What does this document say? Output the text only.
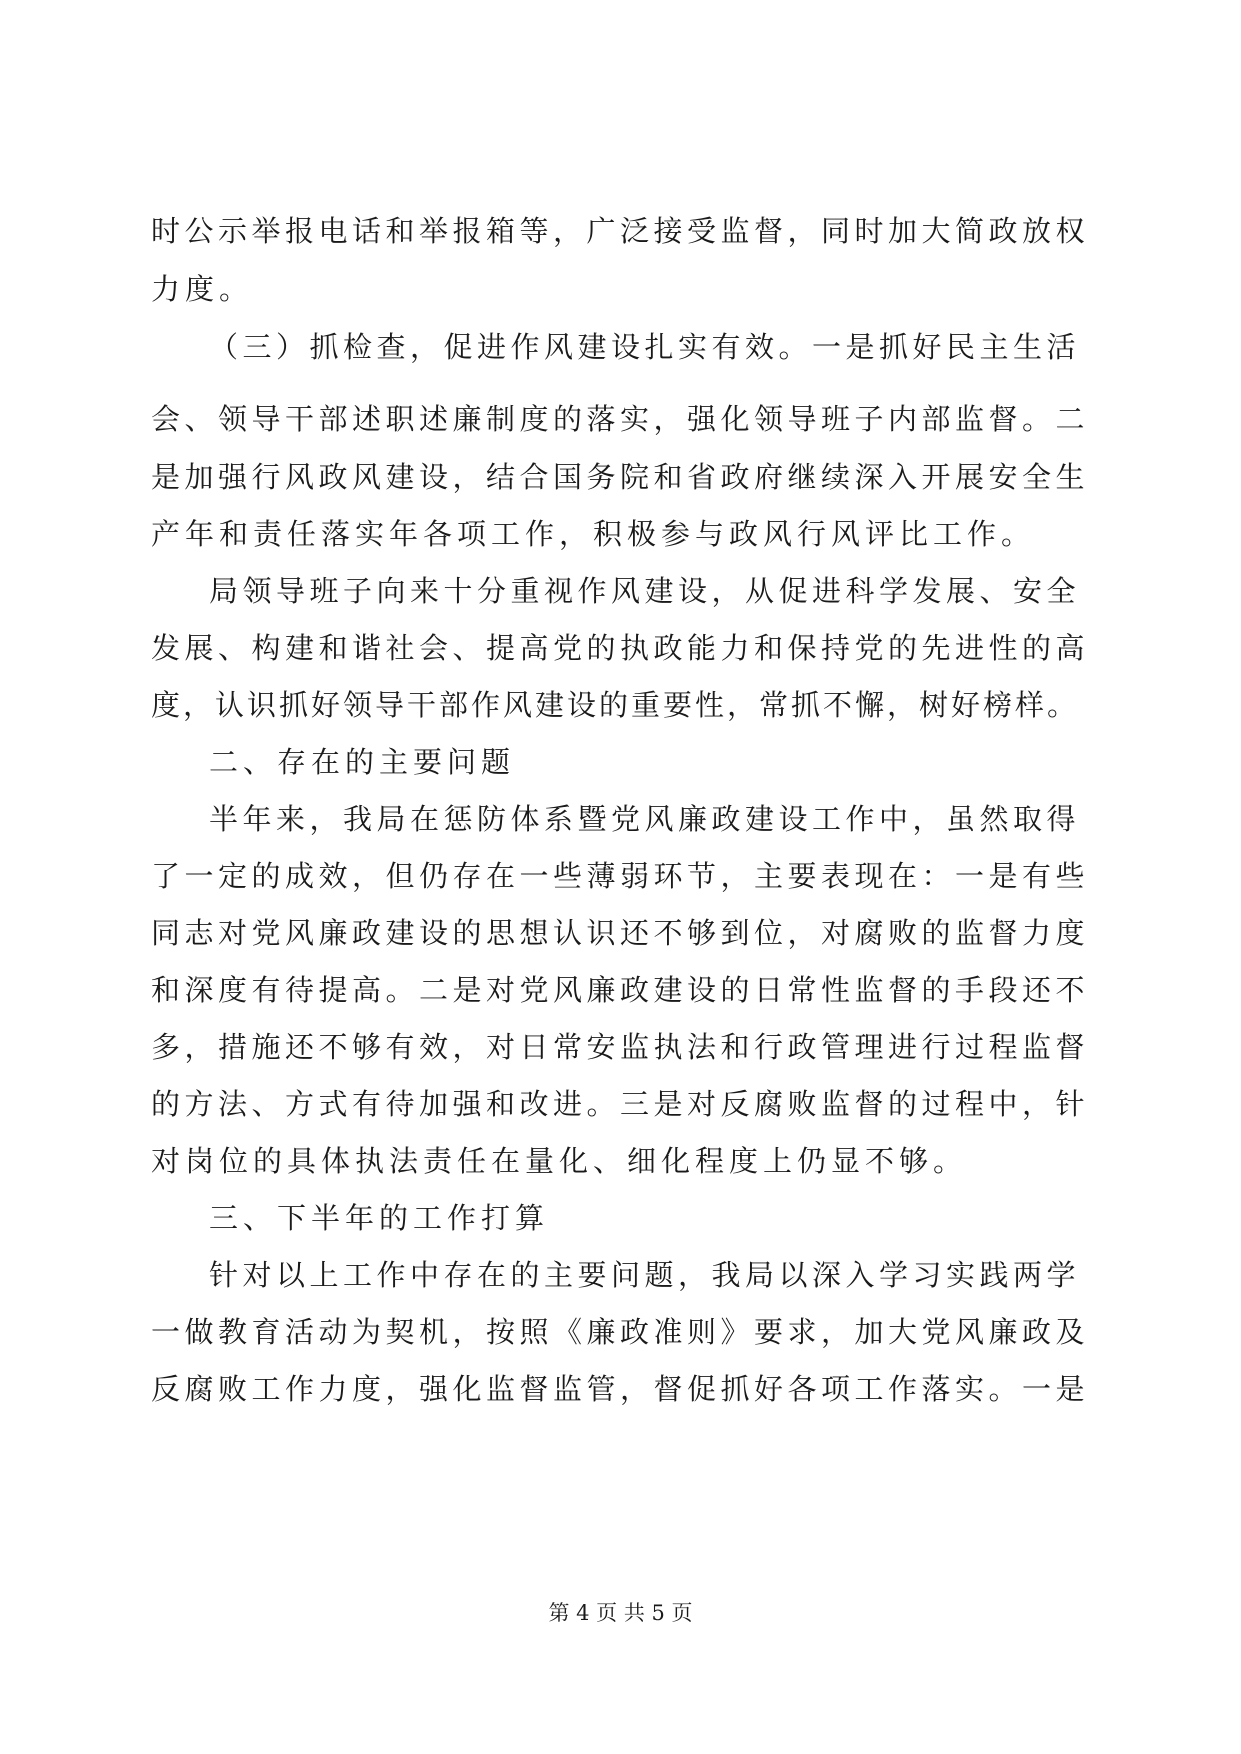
时公示举报电话和举报箱等，广泛接受监督，同时加大简政放权
力度。
（三）抓检查，促进作风建设扎实有效。一是抓好民主生活
会、领导干部述职述廉制度的落实，强化领导班子内部监督。二
是加强行风政风建设，结合国务院和省政府继续深入开展安全生
产年和责任落实年各项工作，积极参与政风行风评比工作。
局领导班子向来十分重视作风建设，从促进科学发展、安全
发展、构建和谐社会、提高党的执政能力和保持党的先进性的高
度，认识抓好领导干部作风建设的重要性，常抓不懈，树好榜样。
二、存在的主要问题
半年来，我局在惩防体系暨党风廉政建设工作中，虽然取得
了一定的成效，但仍存在一些薄弱环节，主要表现在：一是有些
同志对党风廉政建设的思想认识还不够到位，对腐败的监督力度
和深度有待提高。二是对党风廉政建设的日常性监督的手段还不
多，措施还不够有效，对日常安监执法和行政管理进行过程监督
的方法、方式有待加强和改进。三是对反腐败监督的过程中，针
对岗位的具体执法责任在量化、细化程度上仍显不够。
三、下半年的工作打算
针对以上工作中存在的主要问题，我局以深入学习实践两学
一做教育活动为契机，按照《廉政准则》要求，加大党风廉政及
反腐败工作力度，强化监督监管，督促抓好各项工作落实。一是
第 4 页 共 5 页
